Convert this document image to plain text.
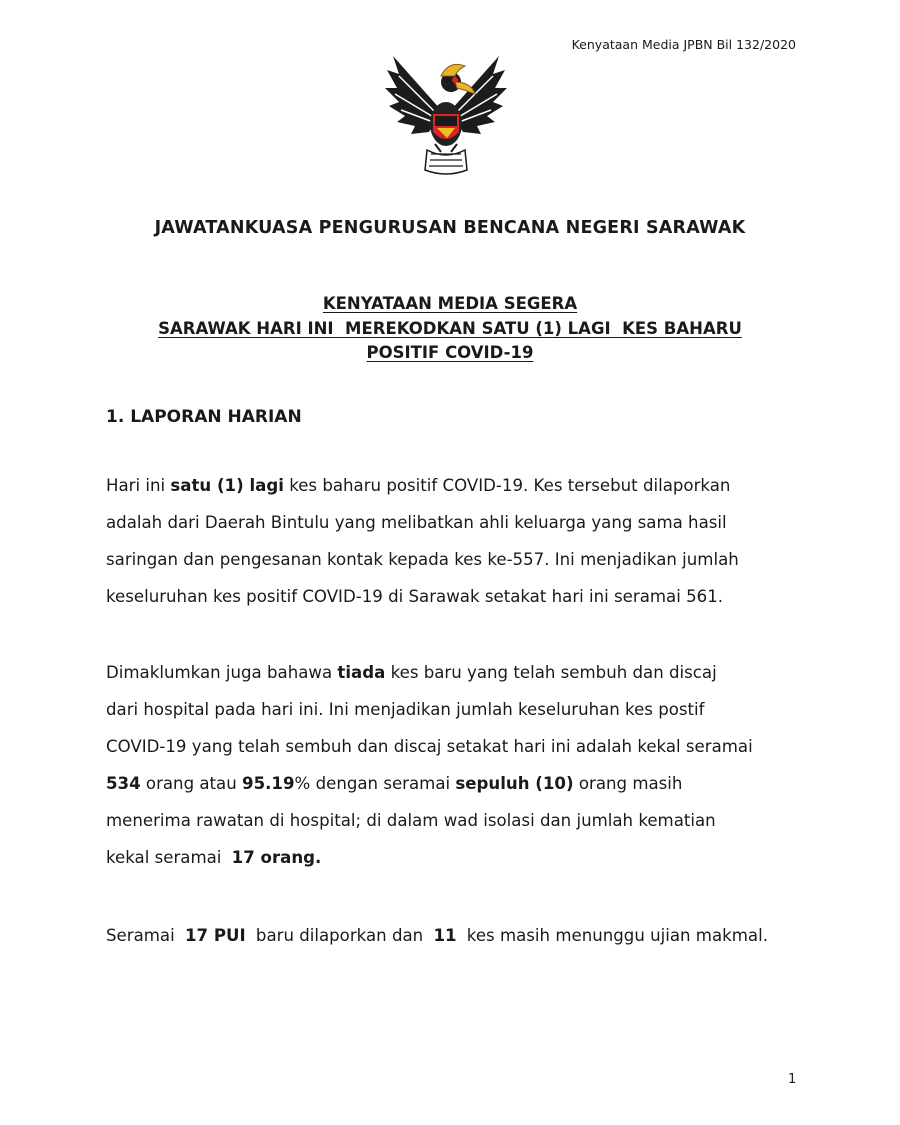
Kenyataan Media JPBN Bil 132/2020
JAWATANKUASA PENGURUSAN BENCANA NEGERI SARAWAK
KENYATAAN MEDIA SEGERA
SARAWAK HARI INI  MEREKODKAN SATU (1) LAGI  KES BAHARU
POSITIF COVID-19
1. LAPORAN HARIAN
Hari ini satu (1) lagi kes baharu positif COVID-19. Kes tersebut dilaporkan
adalah dari Daerah Bintulu yang melibatkan ahli keluarga yang sama hasil
saringan dan pengesanan kontak kepada kes ke-557. Ini menjadikan jumlah
keseluruhan kes positif COVID-19 di Sarawak setakat hari ini seramai 561.
Dimaklumkan juga bahawa tiada kes baru yang telah sembuh dan discaj
dari hospital pada hari ini. Ini menjadikan jumlah keseluruhan kes postif
COVID-19 yang telah sembuh dan discaj setakat hari ini adalah kekal seramai
534 orang atau 95.19% dengan seramai sepuluh (10) orang masih
menerima rawatan di hospital; di dalam wad isolasi dan jumlah kematian
kekal seramai 17 orang.
Seramai 17 PUI baru dilaporkan dan 11 kes masih menunggu ujian makmal.
1
